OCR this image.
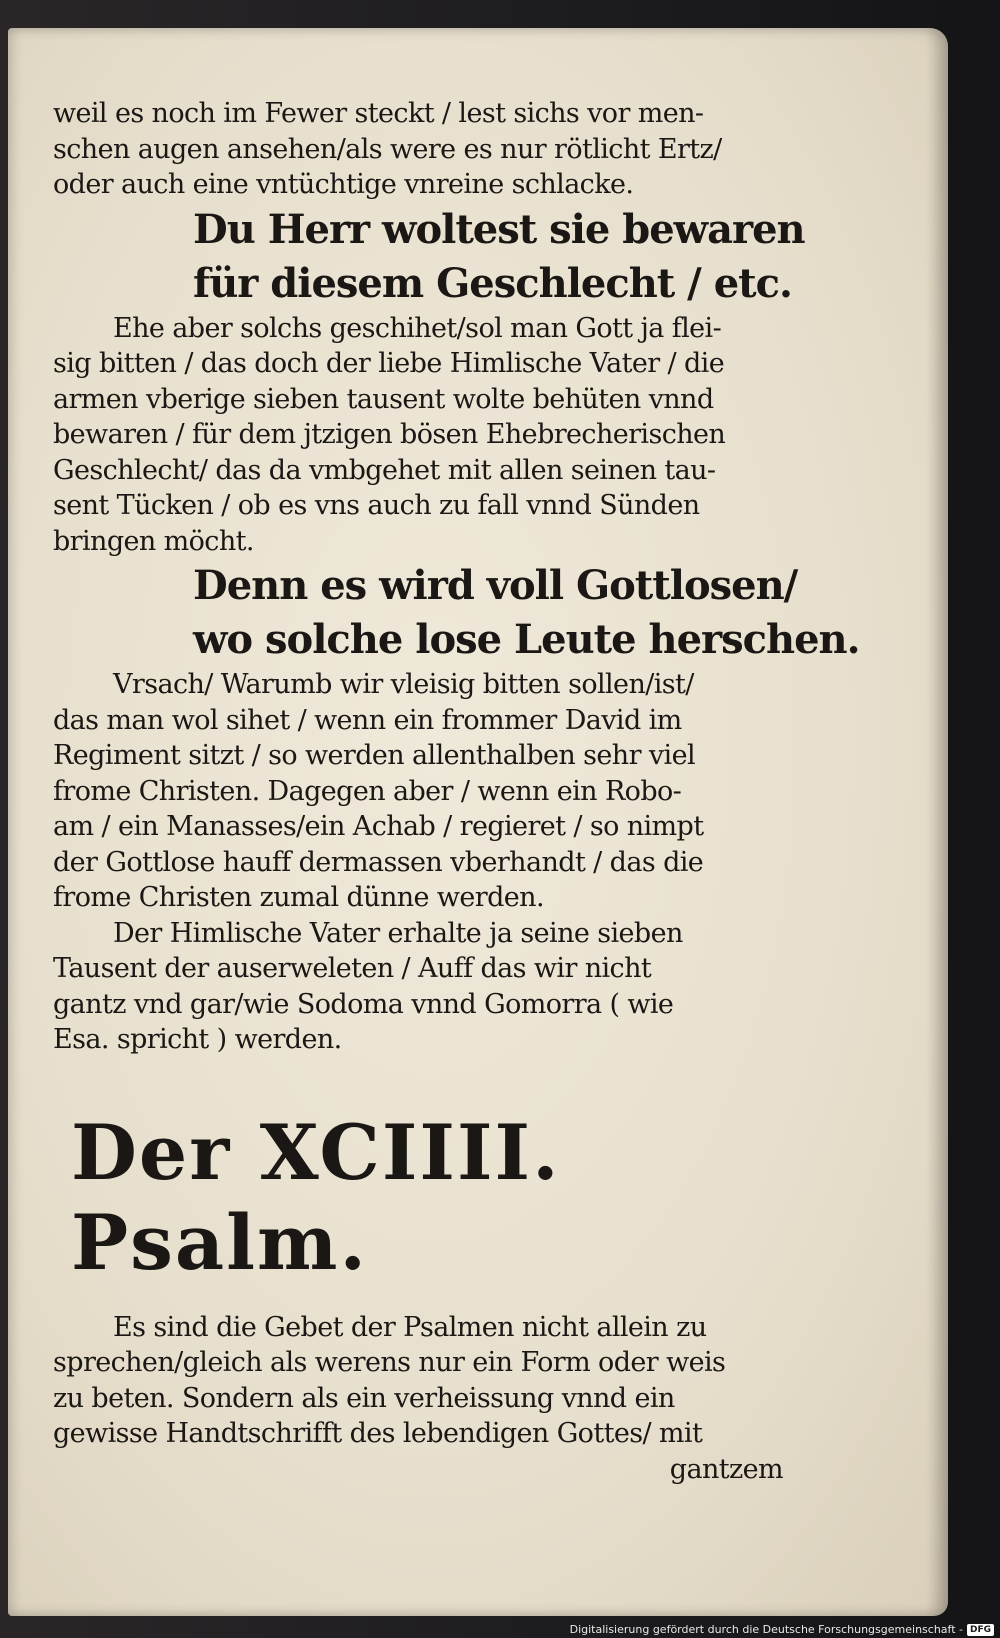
weil es noch im Fewer steckt / lest sichs vor men-
schen augen ansehen/als were es nur rötlicht Ertz/
oder auch eine vntüchtige vnreine schlacke.
Du Herr woltest sie bewaren
für diesem Geschlecht / etc.
Ehe aber solchs geschihet/sol man Gott ja flei-
sig bitten / das doch der liebe Himlische Vater / die
armen vberige sieben tausent wolte behüten vnnd
bewaren / für dem jtzigen bösen Ehebrecherischen
Geschlecht/ das da vmbgehet mit allen seinen tau-
sent Tücken / ob es vns auch zu fall vnnd Sünden
bringen möcht.
Denn es wird voll Gottlosen/
wo solche lose Leute herschen.
Vrsach/ Warumb wir vleisig bitten sollen/ist/
das man wol sihet / wenn ein frommer David im
Regiment sitzt / so werden allenthalben sehr viel
frome Christen. Dagegen aber / wenn ein Robo-
am / ein Manasses/ein Achab / regieret / so nimpt
der Gottlose hauff dermassen vberhandt / das die
frome Christen zumal dünne werden.
Der Himlische Vater erhalte ja seine sieben
Tausent der auserweleten / Auff das wir nicht
gantz vnd gar/wie Sodoma vnnd Gomorra ( wie
Esa. spricht ) werden.
Der XCIIII. Psalm.
Es sind die Gebet der Psalmen nicht allein zu
sprechen/gleich als werens nur ein Form oder weis
zu beten. Sondern als ein verheissung vnnd ein
gewisse Handtschrifft des lebendigen Gottes/ mit
gantzem
Digitalisierung gefördert durch die Deutsche Forschungsgemeinschaft - DFG
